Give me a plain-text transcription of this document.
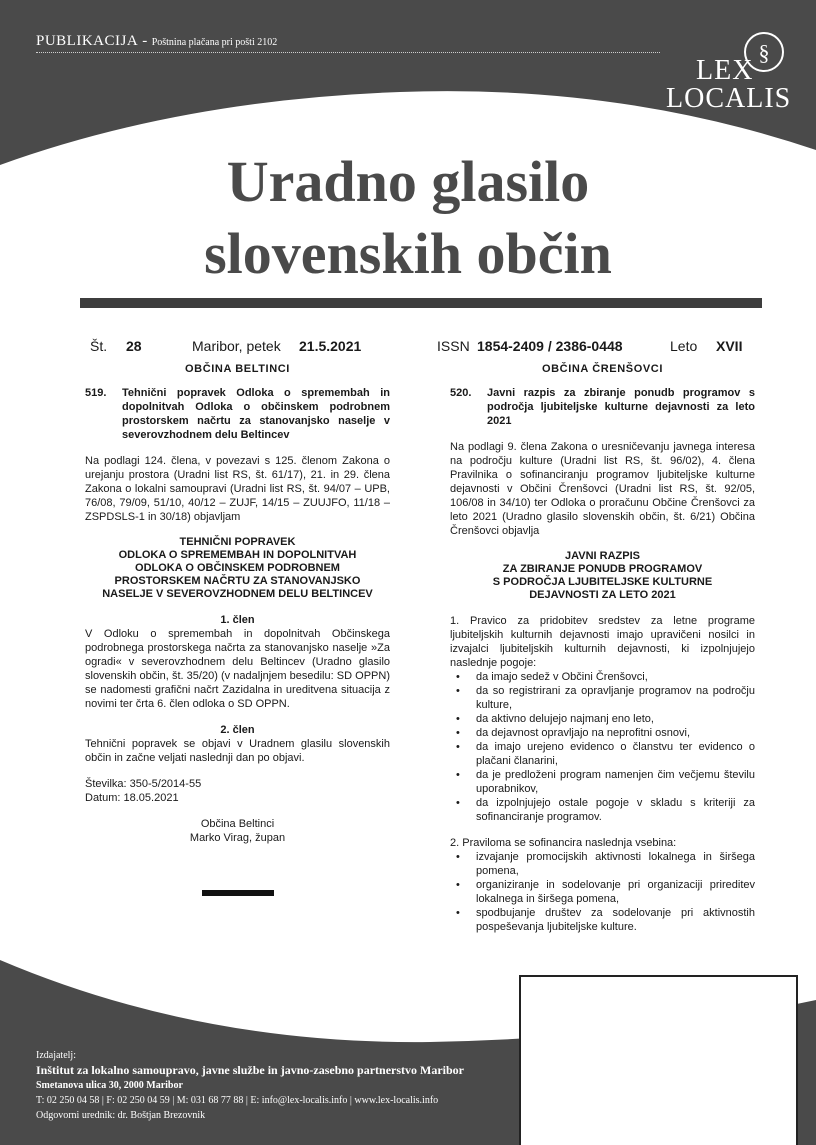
PUBLIKACIJA - Poštnina plačana pri pošti 2102	§
LEX
LOCALIS
Uradno glasilo
slovenskih občin
Št. 28	Maribor, petek 21.5.2021	ISSN 1854-2409 / 2386-0448	Leto XVII
OBČINA BELTINCI
519.	Tehnični popravek Odloka o spremembah in dopolnitvah Odloka o občinskem podrobnem prostorskem načrtu za stanovanjsko naselje v severovzhodnem delu Beltincev

Na podlagi 124. člena, v povezavi s 125. členom Zakona o urejanju prostora (Uradni list RS, št. 61/17), 21. in 29. člena Zakona o lokalni samoupravi (Uradni list RS, št. 94/07 – UPB, 76/08, 79/09, 51/10, 40/12 – ZUJF, 14/15 – ZUUJFO, 11/18 – ZSPDSLS-1 in 30/18) objavljam

TEHNIČNI POPRAVEK
ODLOKA O SPREMEMBAH IN DOPOLNITVAH
ODLOKA O OBČINSKEM PODROBNEM
PROSTORSKEM NAČRTU ZA STANOVANJSKO
NASELJE V SEVEROVZHODNEM DELU BELTINCEV
1. člen

V Odloku o spremembah in dopolnitvah Občinskega podrobnega prostorskega načrta za stanovanjsko naselje »Za ogradi« v severovzhodnem delu Beltincev (Uradno glasilo slovenskih občin, št. 35/20) (v nadaljnjem besedilu: SD OPPN) se nadomesti grafični načrt Zazidalna in ureditvena situacija z novimi ter črta 6. člen odloka o SD OPPN.

2. člen

Tehnični popravek se objavi v Uradnem glasilu slovenskih občin in začne veljati naslednji dan po objavi.

Številka: 350-5/2014-55
Datum: 18.05.2021
Občina Beltinci
Marko Virag, župan
OBČINA ČRENŠOVCI
520.	Javni razpis za zbiranje ponudb programov s področja ljubiteljske kulturne dejavnosti za leto 2021

Na podlagi 9. člena Zakona o uresničevanju javnega interesa na področju kulture (Uradni list RS, št. 96/02), 4. člena Pravilnika o sofinanciranju programov ljubiteljske kulturne dejavnosti v Občini Črenšovci (Uradni list RS, št. 92/05, 106/08 in 34/10) ter Odloka o proračunu Občine Črenšovci za leto 2021 (Uradno glasilo slovenskih občin, št. 6/21) Občina Črenšovci objavlja

JAVNI RAZPIS
ZA ZBIRANJE PONUDB PROGRAMOV
S PODROČJA LJUBITELJSKE KULTURNE
DEJAVNOSTI ZA LETO 2021

1. Pravico za pridobitev sredstev za letne programe ljubiteljskih kulturnih dejavnosti imajo upravičeni nosilci in izvajalci ljubiteljskih kulturnih dejavnosti, ki izpolnjujejo naslednje pogoje:

• da imajo sedež v Občini Črenšovci,
• da so registrirani za opravljanje programov na področju kulture,
• da aktivno delujejo najmanj eno leto,
• da dejavnost opravljajo na neprofitni osnovi,
• da imajo urejeno evidenco o članstvu ter evidenco o plačani članarini,
• da je predloženi program namenjen čim večjemu številu uporabnikov,
• da izpolnjujejo ostale pogoje v skladu s kriteriji za sofinanciranje programov.
2. Praviloma se sofinancira naslednja vsebina:
• izvajanje promocijskih aktivnosti lokalnega in širšega pomena,
• organiziranje in sodelovanje pri organizaciji prireditev lokalnega in širšega pomena,
• spodbujanje društev za sodelovanje pri aktivnostih pospeševanja ljubiteljske kulture.
Izdajatelj:
Inštitut za lokalno samoupravo, javne službe in javno-zasebno partnerstvo Maribor
Smetanova ulica 30, 2000 Maribor
T: 02 250 04 58 | F: 02 250 04 59 | M: 031 68 77 88 | E: info@lex-localis.info | www.lex-localis.info
Odgovorni urednik: dr. Boštjan Brezovnik
